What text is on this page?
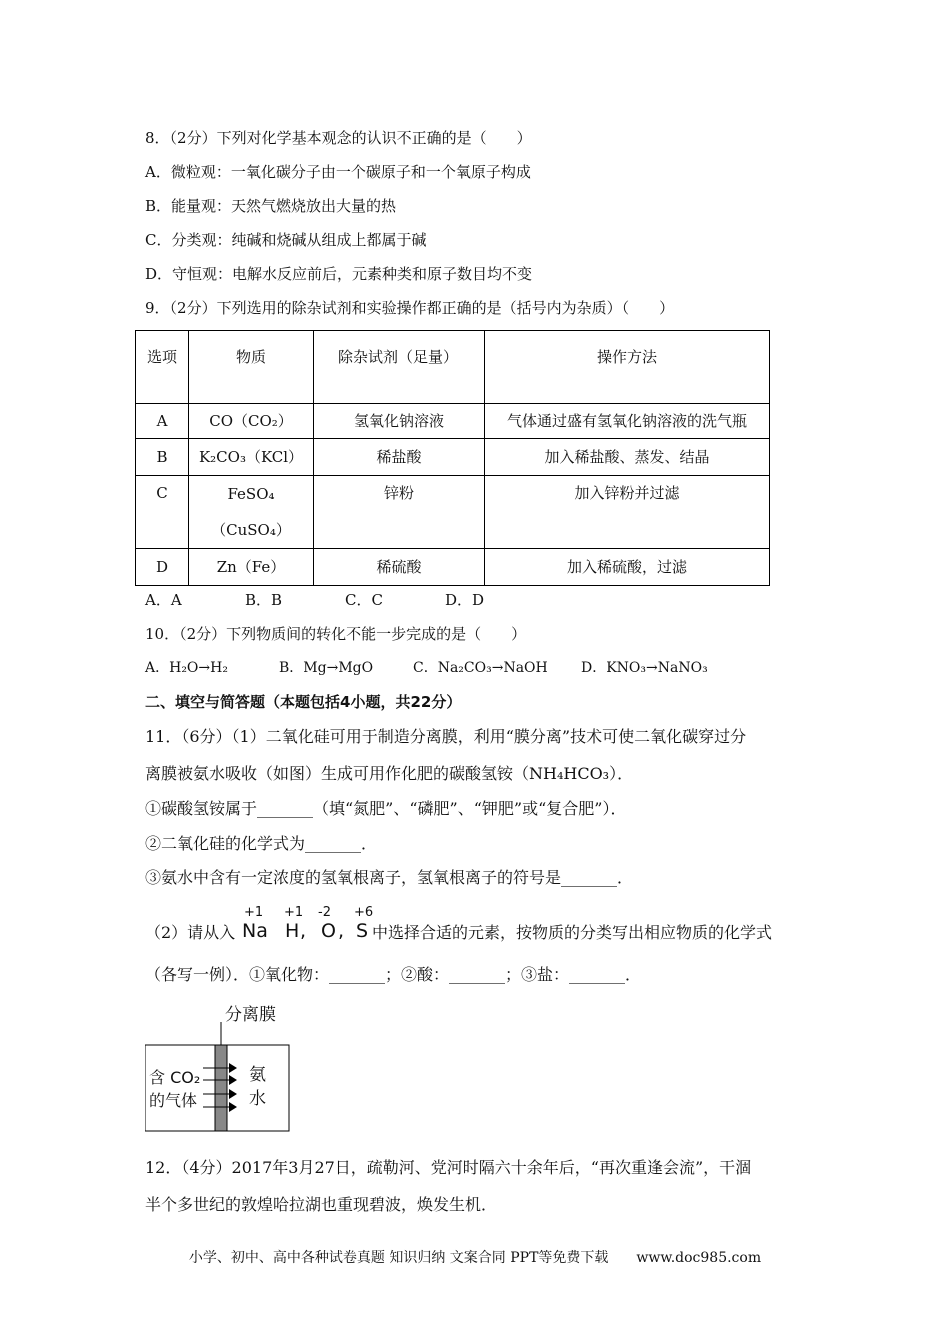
8．（2分）下列对化学基本观念的认识不正确的是（　　）
A．微粒观：一氧化碳分子由一个碳原子和一个氧原子构成
B．能量观：天然气燃烧放出大量的热
C．分类观：纯碱和烧碱从组成上都属于碱
D．守恒观：电解水反应前后，元素种类和原子数目均不变
9．（2分）下列选用的除杂试剂和实验操作都正确的是（括号内为杂质）（　　）
选项	物质	除杂试剂（足量）	操作方法
A	CO（CO₂）	氢氧化钠溶液	气体通过盛有氢氧化钠溶液的洗气瓶
B	K₂CO₃（KCl）	稀盐酸	加入稀盐酸、蒸发、结晶
C	FeSO₄（CuSO₄）	锌粉	加入锌粉并过滤
D	Zn（Fe）	稀硫酸	加入稀硫酸，过滤
A．A	B．B	C．C	D．D
10．（2分）下列物质间的转化不能一步完成的是（　　）
A．H₂O→H₂	B．Mg→MgO	C．Na₂CO₃→NaOH D．KNO₃→NaNO₃
二、填空与简答题（本题包括4小题，共22分）
11．（6分）（1）二氧化硅可用于制造分离膜，利用“膜分离”技术可使二氧化碳穿过分
离膜被氨水吸收（如图）生成可用作化肥的碳酸氢铵（NH₄HCO₃）．
①碳酸氢铵属于_______（填“氮肥”、“磷肥”、“钾肥”或“复合肥”）．
②二氧化硅的化学式为_______．
③氨水中含有一定浓度的氢氧根离子，氢氧根离子的符号是_______．
（2）请从入
+1
Na
+1
H ,
-2
O ,
+6
S 中选择合适的元素，按物质的分类写出相应物质的化学式
（各写一例）．①氧化物：_______；②酸：_______；③盐：_______．
分离膜
含 CO₂
的气体
氨
水
12．（4分）2017年3月27日，疏勒河、党河时隔六十余年后，“再次重逢会流”，干涸
半个多世纪的敦煌哈拉湖也重现碧波，焕发生机．
小学、初中、高中各种试卷真题 知识归纳 文案合同 PPT等免费下载　　www.doc985.com
